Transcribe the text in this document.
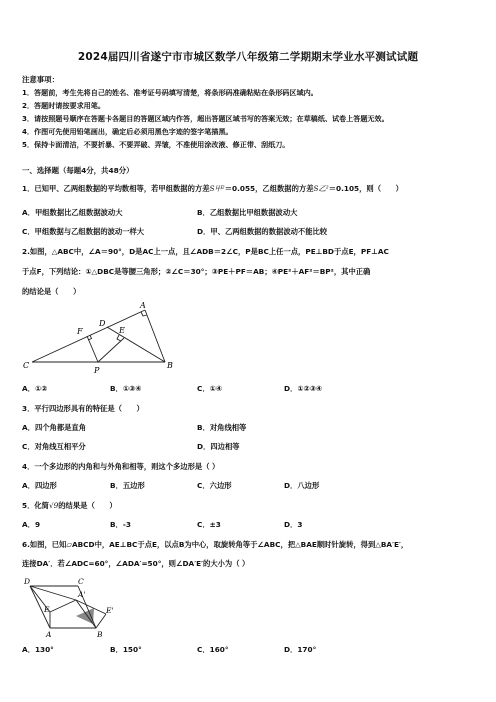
2024届四川省遂宁市市城区数学八年级第二学期期末学业水平测试试题
注意事项：
1．答题前，考生先将自己的姓名、准考证号码填写清楚，将条形码准确粘贴在条形码区域内。
2．答题时请按要求用笔。
3．请按照题号顺序在答题卡各题目的答题区域内作答，超出答题区域书写的答案无效；在草稿纸、试卷上答题无效。
4．作图可先使用铅笔画出，确定后必须用黑色字迹的签字笔描黑。
5．保持卡面清洁，不要折暴、不要弄破、弄皱，不准使用涂改液、修正带、刮纸刀。
一、选择题（每题4分，共48分）
1．已知甲、乙两组数据的平均数相等，若甲组数据的方差S甲²＝0.055，乙组数据的方差S乙²＝0.105，则（　　）
A．甲组数据比乙组数据波动大	B．乙组数据比甲组数据波动大
C．甲组数据与乙组数据的波动一样大	D．甲、乙两组数据的数据波动不能比较
2.如图，△ABC中，∠A＝90°，D是AC上一点，且∠ADB＝2∠C，P是BC上任一点，PE⊥BD于点E，PF⊥AC
于点F，下列结论：①△DBC是等腰三角形；②∠C＝30°；③PE＋PF＝AB；④PE²＋AF²＝BP²，其中正确
的结论是（　　）
A
F	E
D
C
P
B
A．①②	B．①③④	C．①④	D．①②③④
3．平行四边形具有的特征是（　　）
A．四个角都是直角	B．对角线相等
C．对角线互相平分	D．四边相等
4．一个多边形的内角和与外角和相等，则这个多边形是（ ）
A．四边形	B．五边形	C．六边形	D．八边形
5．化简√9的结果是（　　）
A．9	B．-3	C．±3	D．3
6.如图，已知▱ABCD中，AE⊥BC于点E，以点B为中心，取旋转角等于∠ABC，把△BAE顺时针旋转，得到△BA′E′，
连接DA′．若∠ADC=60°，∠ADA′=50°，则∠DA′E′的大小为（ ）
D	C
A'
E'
A
E
B
A．130°	B．150°	C．160°	D．170°
